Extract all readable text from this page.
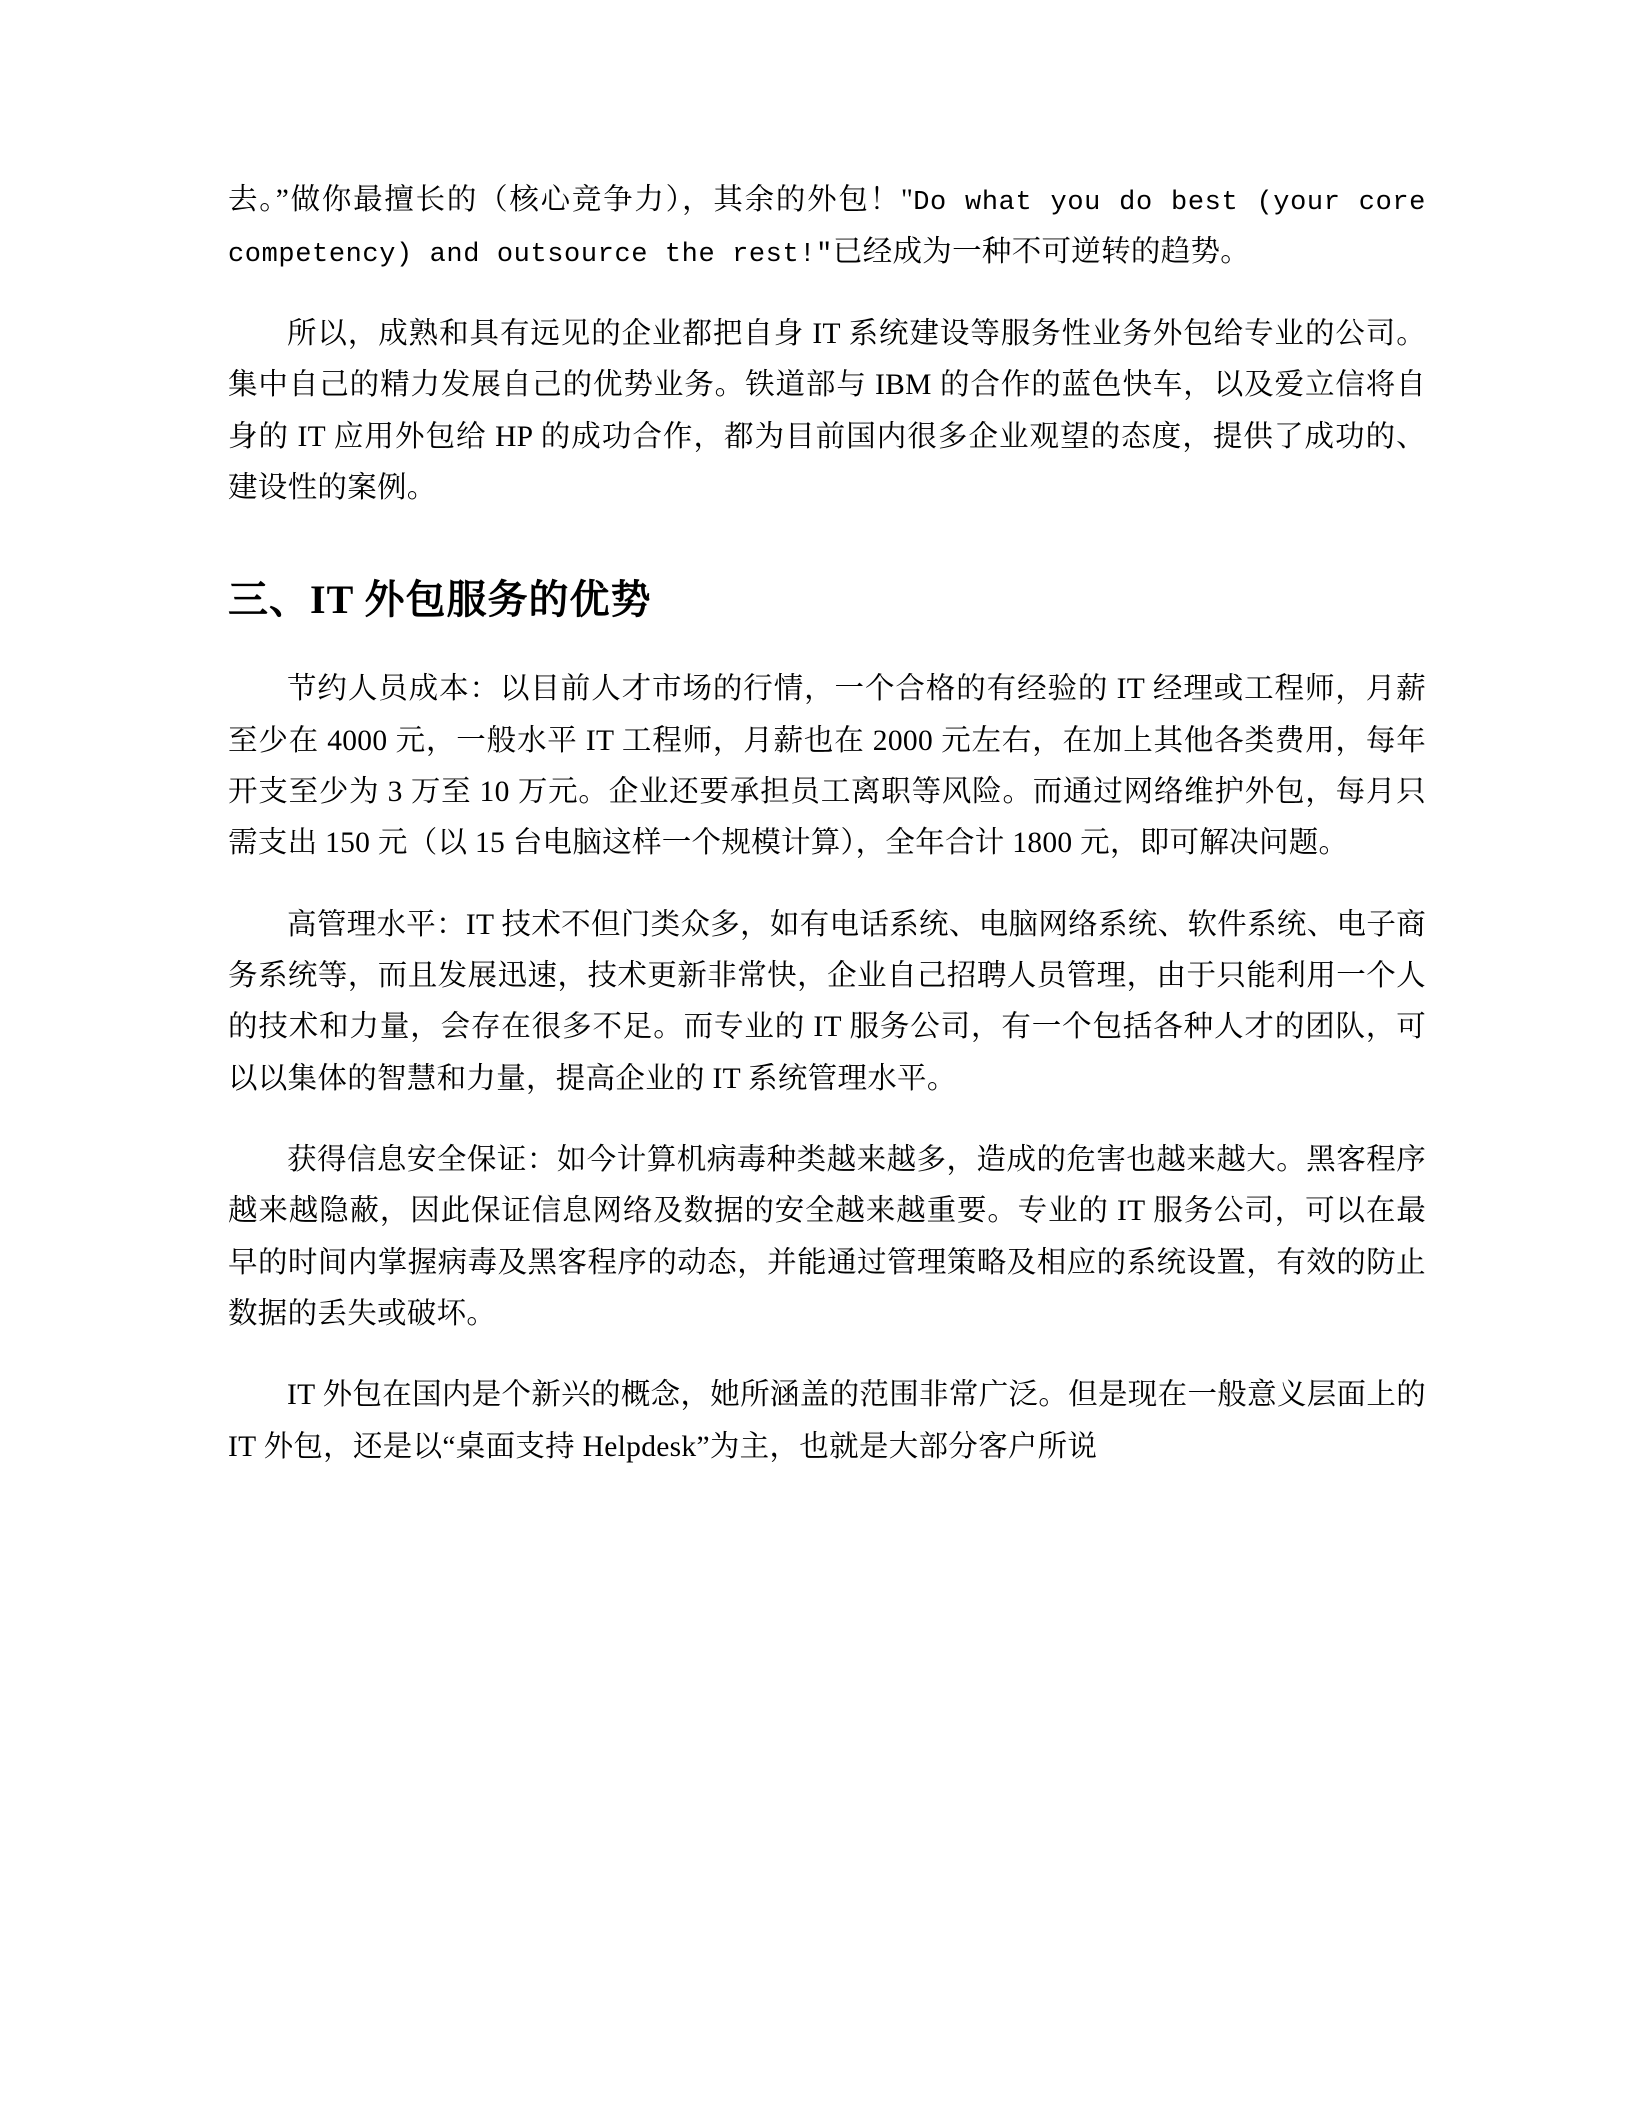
去。”做你最擅长的（核心竞争力），其余的外包！"Do what you do best (your core competency) and outsource the rest!"已经成为一种不可逆转的趋势。

所以，成熟和具有远见的企业都把自身 IT 系统建设等服务性业务外包给专业的公司。集中自己的精力发展自己的优势业务。铁道部与 IBM 的合作的蓝色快车，以及爱立信将自身的 IT 应用外包给 HP 的成功合作，都为目前国内很多企业观望的态度，提供了成功的、建设性的案例。

三、IT 外包服务的优势

节约人员成本：以目前人才市场的行情，一个合格的有经验的 IT 经理或工程师，月薪至少在 4000 元，一般水平 IT 工程师，月薪也在 2000 元左右，在加上其他各类费用，每年开支至少为 3 万至 10 万元。企业还要承担员工离职等风险。而通过网络维护外包，每月只需支出 150 元（以 15 台电脑这样一个规模计算），全年合计 1800 元，即可解决问题。

高管理水平：IT 技术不但门类众多，如有电话系统、电脑网络系统、软件系统、电子商务系统等，而且发展迅速，技术更新非常快，企业自己招聘人员管理，由于只能利用一个人的技术和力量，会存在很多不足。而专业的 IT 服务公司，有一个包括各种人才的团队，可以以集体的智慧和力量，提高企业的 IT 系统管理水平。

获得信息安全保证：如今计算机病毒种类越来越多，造成的危害也越来越大。黑客程序越来越隐蔽，因此保证信息网络及数据的安全越来越重要。专业的 IT 服务公司，可以在最早的时间内掌握病毒及黑客程序的动态，并能通过管理策略及相应的系统设置，有效的防止数据的丢失或破坏。

IT 外包在国内是个新兴的概念，她所涵盖的范围非常广泛。但是现在一般意义层面上的 IT 外包，还是以“桌面支持 Helpdesk”为主，也就是大部分客户所说
